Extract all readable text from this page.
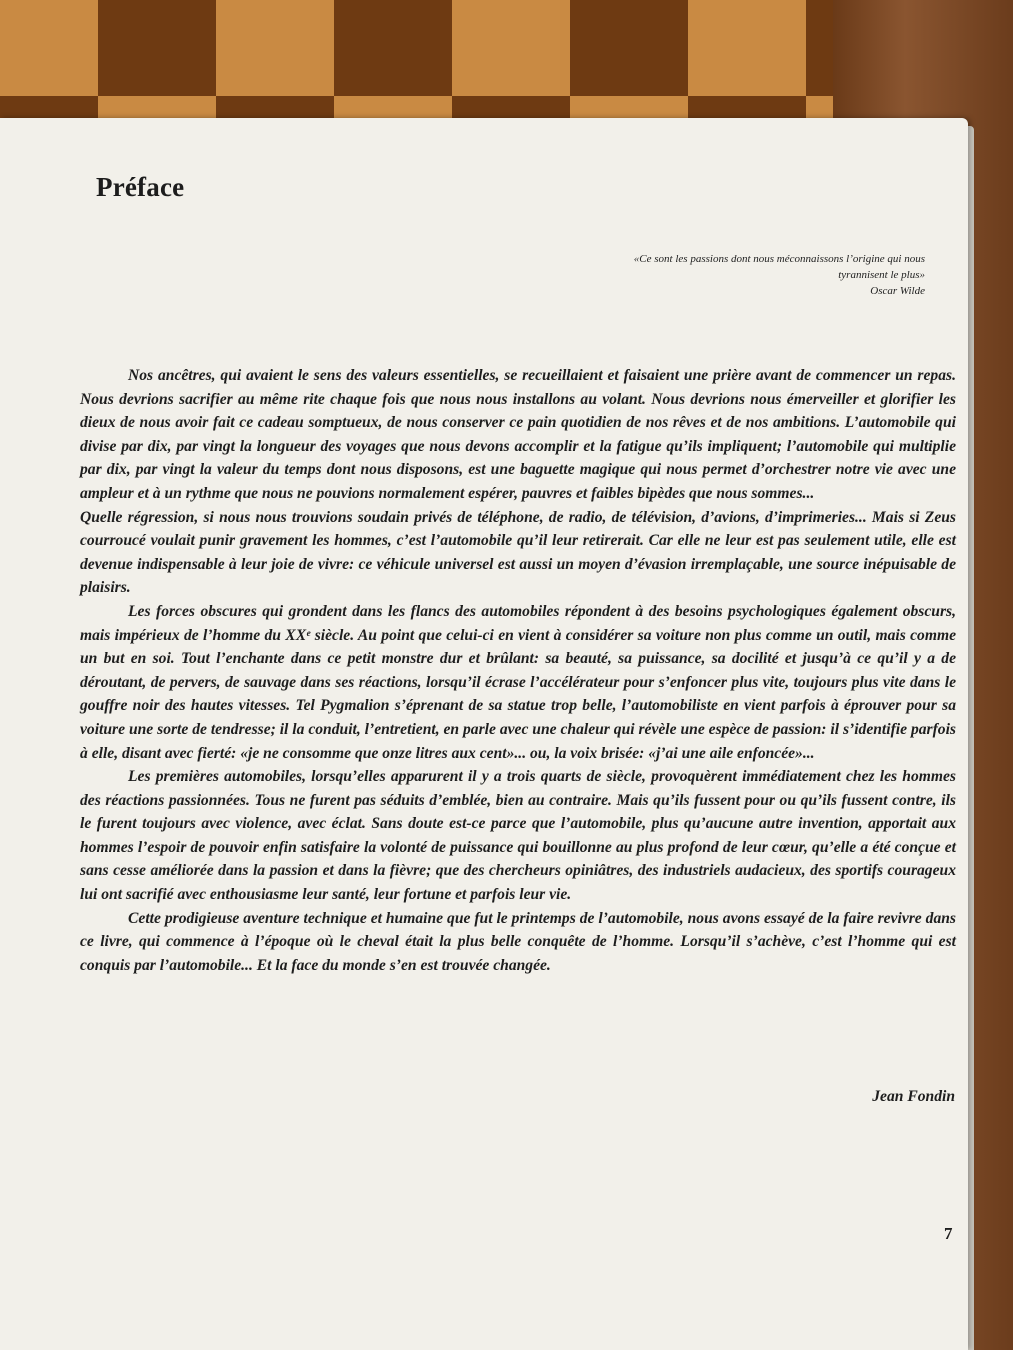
Préface
«Ce sont les passions dont nous méconnaissons l’origine qui nous tyrannisent le plus»
Oscar Wilde

Nos ancêtres, qui avaient le sens des valeurs essentielles, se recueillaient et faisaient une prière avant de commencer un repas. Nous devrions sacrifier au même rite chaque fois que nous nous installons au volant. Nous devrions nous émerveiller et glorifier les dieux de nous avoir fait ce cadeau somptueux, de nous conserver ce pain quotidien de nos rêves et de nos ambitions. L’automobile qui divise par dix, par vingt la longueur des voyages que nous devons accomplir et la fatigue qu’ils impliquent; l’automobile qui multiplie par dix, par vingt la valeur du temps dont nous disposons, est une baguette magique qui nous permet d’orchestrer notre vie avec une ampleur et à un rythme que nous ne pouvions normalement espérer, pauvres et faibles bipèdes que nous sommes...

Quelle régression, si nous nous trouvions soudain privés de téléphone, de radio, de télévision, d’avions, d’imprimeries... Mais si Zeus courroucé voulait punir gravement les hommes, c’est l’automobile qu’il leur retirerait. Car elle ne leur est pas seulement utile, elle est devenue indispensable à leur joie de vivre: ce véhicule universel est aussi un moyen d’évasion irremplaçable, une source inépuisable de plaisirs.

Les forces obscures qui grondent dans les flancs des automobiles répondent à des besoins psychologiques également obscurs, mais impérieux de l’homme du XXᵉ siècle. Au point que celui-ci en vient à considérer sa voiture non plus comme un outil, mais comme un but en soi. Tout l’enchante dans ce petit monstre dur et brûlant: sa beauté, sa puissance, sa docilité et jusqu’à ce qu’il y a de déroutant, de pervers, de sauvage dans ses réactions, lorsqu’il écrase l’accélérateur pour s’enfoncer plus vite, toujours plus vite dans le gouffre noir des hautes vitesses. Tel Pygmalion s’éprenant de sa statue trop belle, l’automobiliste en vient parfois à éprouver pour sa voiture une sorte de tendresse; il la conduit, l’entretient, en parle avec une chaleur qui révèle une espèce de passion: il s’identifie parfois à elle, disant avec fierté: «je ne consomme que onze litres aux cent»... ou, la voix brisée: «j’ai une aile enfoncée»...

Les premières automobiles, lorsqu’elles apparurent il y a trois quarts de siècle, provoquèrent immédiatement chez les hommes des réactions passionnées. Tous ne furent pas séduits d’emblée, bien au contraire. Mais qu’ils fussent pour ou qu’ils fussent contre, ils le furent toujours avec violence, avec éclat. Sans doute est-ce parce que l’automobile, plus qu’aucune autre invention, apportait aux hommes l’espoir de pouvoir enfin satisfaire la volonté de puissance qui bouillonne au plus profond de leur cœur, qu’elle a été conçue et sans cesse améliorée dans la passion et dans la fièvre; que des chercheurs opiniâtres, des industriels audacieux, des sportifs courageux lui ont sacrifié avec enthousiasme leur santé, leur fortune et parfois leur vie.

Cette prodigieuse aventure technique et humaine que fut le printemps de l’automobile, nous avons essayé de la faire revivre dans ce livre, qui commence à l’époque où le cheval était la plus belle conquête de l’homme. Lorsqu’il s’achève, c’est l’homme qui est conquis par l’automobile... Et la face du monde s’en est trouvée changée.

Jean Fondin
7
